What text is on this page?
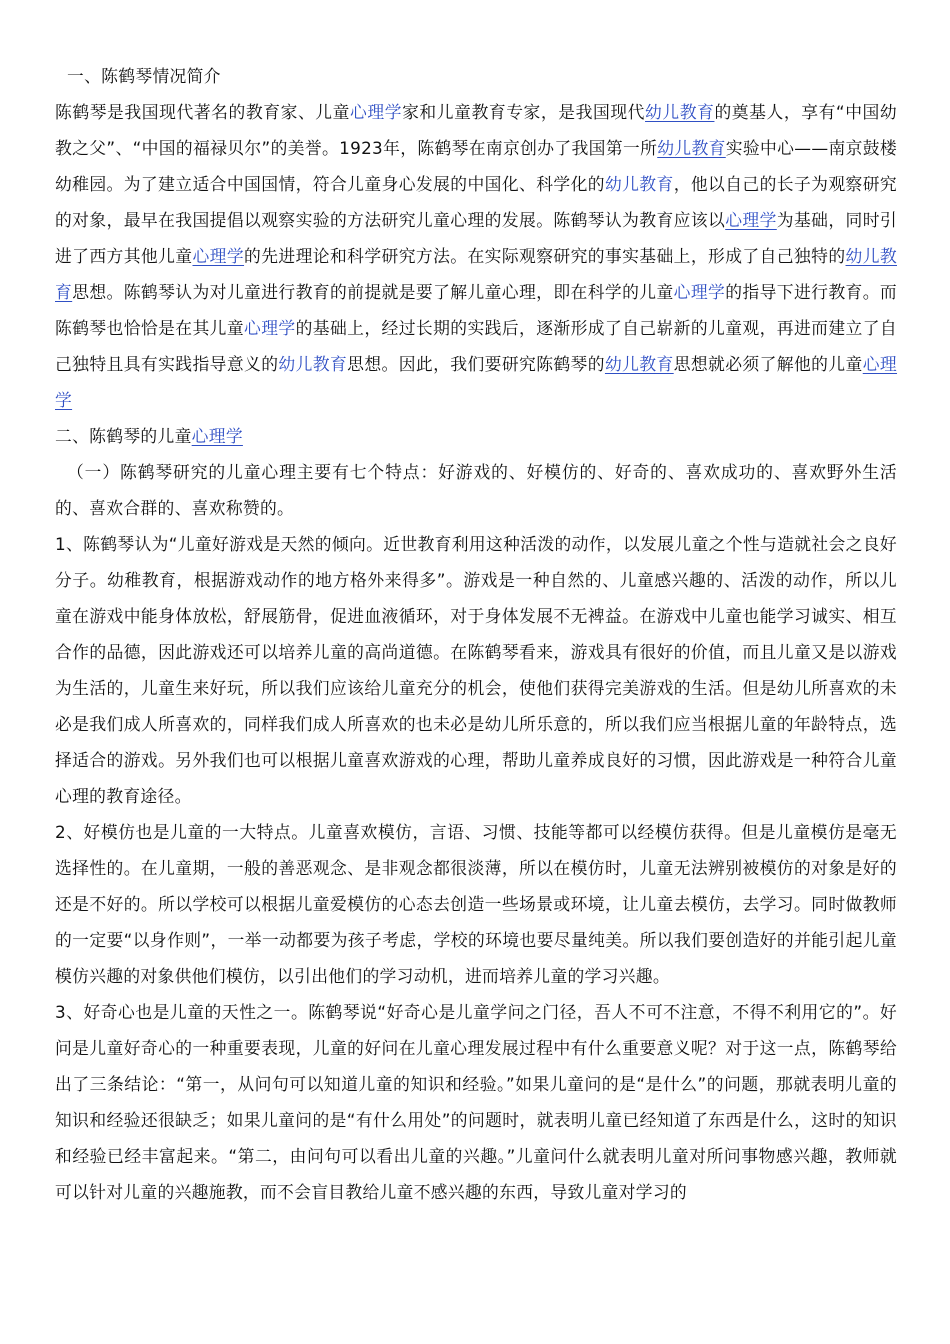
一、陈鹤琴情况简介

陈鹤琴是我国现代著名的教育家、儿童心理学家和儿童教育专家，是我国现代幼儿教育的奠基人，享有“中国幼教之父”、“中国的福禄贝尔”的美誉。1923年，陈鹤琴在南京创办了我国第一所幼儿教育实验中心——南京鼓楼幼稚园。为了建立适合中国国情，符合儿童身心发展的中国化、科学化的幼儿教育，他以自己的长子为观察研究的对象，最早在我国提倡以观察实验的方法研究儿童心理的发展。陈鹤琴认为教育应该以心理学为基础，同时引进了西方其他儿童心理学的先进理论和科学研究方法。在实际观察研究的事实基础上，形成了自己独特的幼儿教育思想。陈鹤琴认为对儿童进行教育的前提就是要了解儿童心理，即在科学的儿童心理学的指导下进行教育。而陈鹤琴也恰恰是在其儿童心理学的基础上，经过长期的实践后，逐渐形成了自己崭新的儿童观，再进而建立了自己独特且具有实践指导意义的幼儿教育思想。因此，我们要研究陈鹤琴的幼儿教育思想就必须了解他的儿童心理学

二、陈鹤琴的儿童心理学

（一）陈鹤琴研究的儿童心理主要有七个特点：好游戏的、好模仿的、好奇的、喜欢成功的、喜欢野外生活的、喜欢合群的、喜欢称赞的。

1、陈鹤琴认为“儿童好游戏是天然的倾向。近世教育利用这种活泼的动作，以发展儿童之个性与造就社会之良好分子。幼稚教育，根据游戏动作的地方格外来得多”。游戏是一种自然的、儿童感兴趣的、活泼的动作，所以儿童在游戏中能身体放松，舒展筋骨，促进血液循环，对于身体发展不无裨益。在游戏中儿童也能学习诚实、相互合作的品德，因此游戏还可以培养儿童的高尚道德。在陈鹤琴看来，游戏具有很好的价值，而且儿童又是以游戏为生活的，儿童生来好玩，所以我们应该给儿童充分的机会，使他们获得完美游戏的生活。但是幼儿所喜欢的未必是我们成人所喜欢的，同样我们成人所喜欢的也未必是幼儿所乐意的，所以我们应当根据儿童的年龄特点，选择适合的游戏。另外我们也可以根据儿童喜欢游戏的心理，帮助儿童养成良好的习惯，因此游戏是一种符合儿童心理的教育途径。

2、好模仿也是儿童的一大特点。儿童喜欢模仿，言语、习惯、技能等都可以经模仿获得。但是儿童模仿是毫无选择性的。在儿童期，一般的善恶观念、是非观念都很淡薄，所以在模仿时，儿童无法辨别被模仿的对象是好的还是不好的。所以学校可以根据儿童爱模仿的心态去创造一些场景或环境，让儿童去模仿，去学习。同时做教师的一定要“以身作则”，一举一动都要为孩子考虑，学校的环境也要尽量纯美。所以我们要创造好的并能引起儿童模仿兴趣的对象供他们模仿，以引出他们的学习动机，进而培养儿童的学习兴趣。

3、好奇心也是儿童的天性之一。陈鹤琴说“好奇心是儿童学问之门径，吾人不可不注意，不得不利用它的”。好问是儿童好奇心的一种重要表现，儿童的好问在儿童心理发展过程中有什么重要意义呢？对于这一点，陈鹤琴给出了三条结论：“第一，从问句可以知道儿童的知识和经验。”如果儿童问的是“是什么”的问题，那就表明儿童的知识和经验还很缺乏；如果儿童问的是“有什么用处”的问题时，就表明儿童已经知道了东西是什么，这时的知识和经验已经丰富起来。“第二，由问句可以看出儿童的兴趣。”儿童问什么就表明儿童对所问事物感兴趣，教师就可以针对儿童的兴趣施教，而不会盲目教给儿童不感兴趣的东西，导致儿童对学习的
